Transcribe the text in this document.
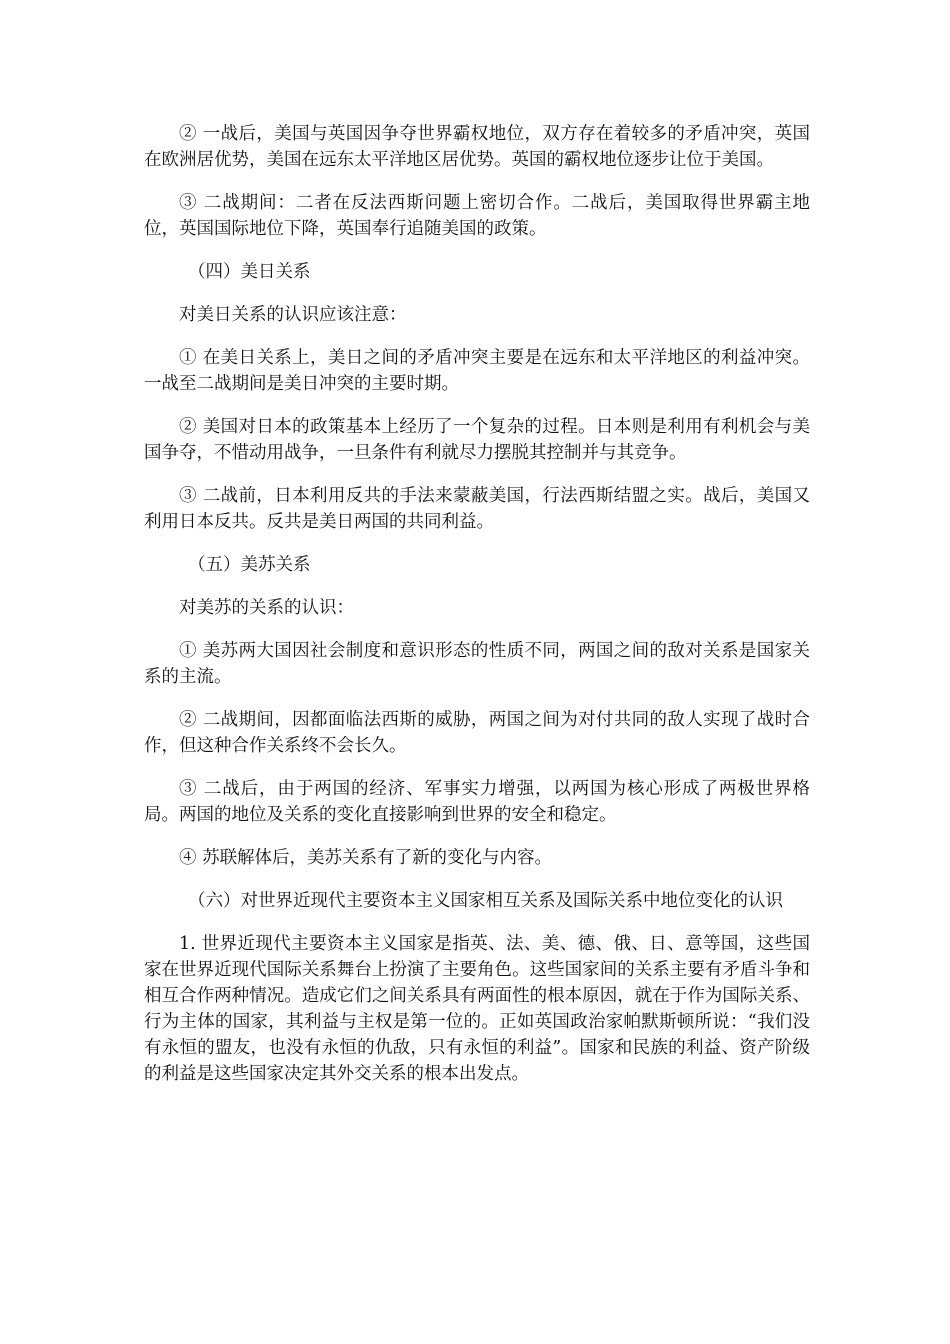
② 一战后，美国与英国因争夺世界霸权地位，双方存在着较多的矛盾冲突，英国在欧洲居优势，美国在远东太平洋地区居优势。英国的霸权地位逐步让位于美国。

③ 二战期间：二者在反法西斯问题上密切合作。二战后，美国取得世界霸主地位，英国国际地位下降，英国奉行追随美国的政策。

（四）美日关系

对美日关系的认识应该注意：

① 在美日关系上，美日之间的矛盾冲突主要是在远东和太平洋地区的利益冲突。一战至二战期间是美日冲突的主要时期。

② 美国对日本的政策基本上经历了一个复杂的过程。日本则是利用有利机会与美国争夺，不惜动用战争，一旦条件有利就尽力摆脱其控制并与其竞争。

③ 二战前，日本利用反共的手法来蒙蔽美国，行法西斯结盟之实。战后，美国又利用日本反共。反共是美日两国的共同利益。

（五）美苏关系

对美苏的关系的认识：

① 美苏两大国因社会制度和意识形态的性质不同，两国之间的敌对关系是国家关系的主流。

② 二战期间，因都面临法西斯的威胁，两国之间为对付共同的敌人实现了战时合作，但这种合作关系终不会长久。

③ 二战后，由于两国的经济、军事实力增强，以两国为核心形成了两极世界格局。两国的地位及关系的变化直接影响到世界的安全和稳定。

④ 苏联解体后，美苏关系有了新的变化与内容。

（六）对世界近现代主要资本主义国家相互关系及国际关系中地位变化的认识

1. 世界近现代主要资本主义国家是指英、法、美、德、俄、日、意等国，这些国家在世界近现代国际关系舞台上扮演了主要角色。这些国家间的关系主要有矛盾斗争和相互合作两种情况。造成它们之间关系具有两面性的根本原因，就在于作为国际关系、行为主体的国家，其利益与主权是第一位的。正如英国政治家帕默斯顿所说：“我们没有永恒的盟友，也没有永恒的仇敌，只有永恒的利益”。国家和民族的利益、资产阶级的利益是这些国家决定其外交关系的根本出发点。
